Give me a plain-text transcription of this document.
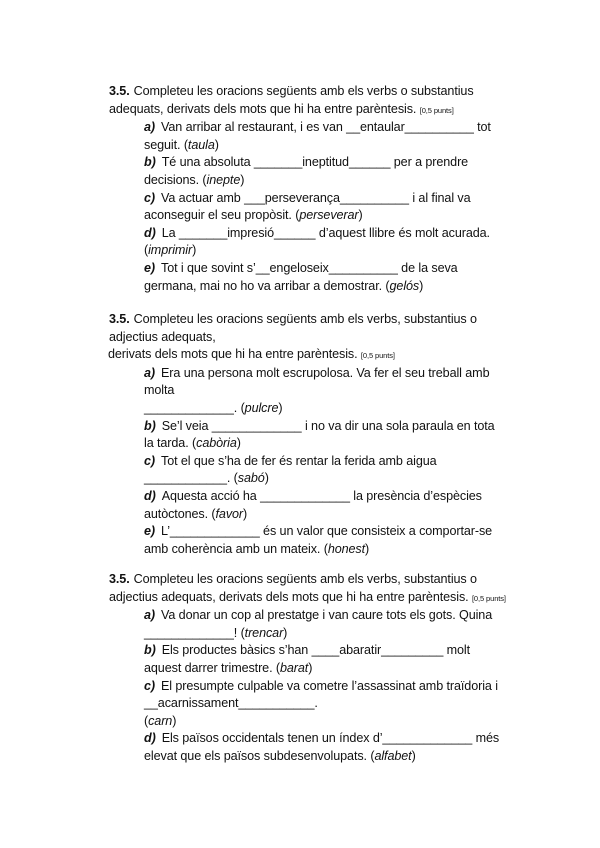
3.5. Completeu les oracions següents amb els verbs o substantius
adequats, derivats dels mots que hi ha entre parèntesis. [0,5 punts]
a) Van arribar al restaurant, i es van __entaular__________ tot
seguit. ( taula )
b) Té una absoluta _______ineptitud______ per a prendre
decisions. ( inepte )
c) Va actuar amb ___perseverança__________ i al final va
aconseguir el seu propòsit. ( perseverar )
d) La _______impresió______ d’aquest llibre és molt acurada.
( imprimir )
e) Tot i que sovint s’__engeloseix__________ de la seva
germana, mai no ho va arribar a demostrar. ( gelós )
3.5. Completeu les oracions següents amb els verbs, substantius o
adjectius adequats,
derivats dels mots que hi ha entre parèntesis. [0,5 punts]
a) Era una persona molt escrupolosa. Va fer el seu treball amb
molta
_____________. ( pulcre )
b) Se’l veia _____________ i no va dir una sola paraula en tota
la tarda. ( cabòria )
c) Tot el que s’ha de fer és rentar la ferida amb aigua
____________. ( sabó )
d) Aquesta acció ha _____________ la presència d’espècies
autòctones. ( favor )
e) L’_____________ és un valor que consisteix a comportar-se
amb coherència amb un mateix. ( honest )
3.5. Completeu les oracions següents amb els verbs, substantius o
adjectius adequats, derivats dels mots que hi ha entre parèntesis. [0,5 punts]
a) Va donar un cop al prestatge i van caure tots els gots. Quina
_____________! ( trencar )
b) Els productes bàsics s’han ____abaratir_________ molt
aquest darrer trimestre. ( barat )
c) El presumpte culpable va cometre l’assassinat amb traïdoria i
__acarnissament___________.
( carn )
d) Els països occidentals tenen un índex d’_____________ més
elevat que els països subdesenvolupats. ( alfabet )
